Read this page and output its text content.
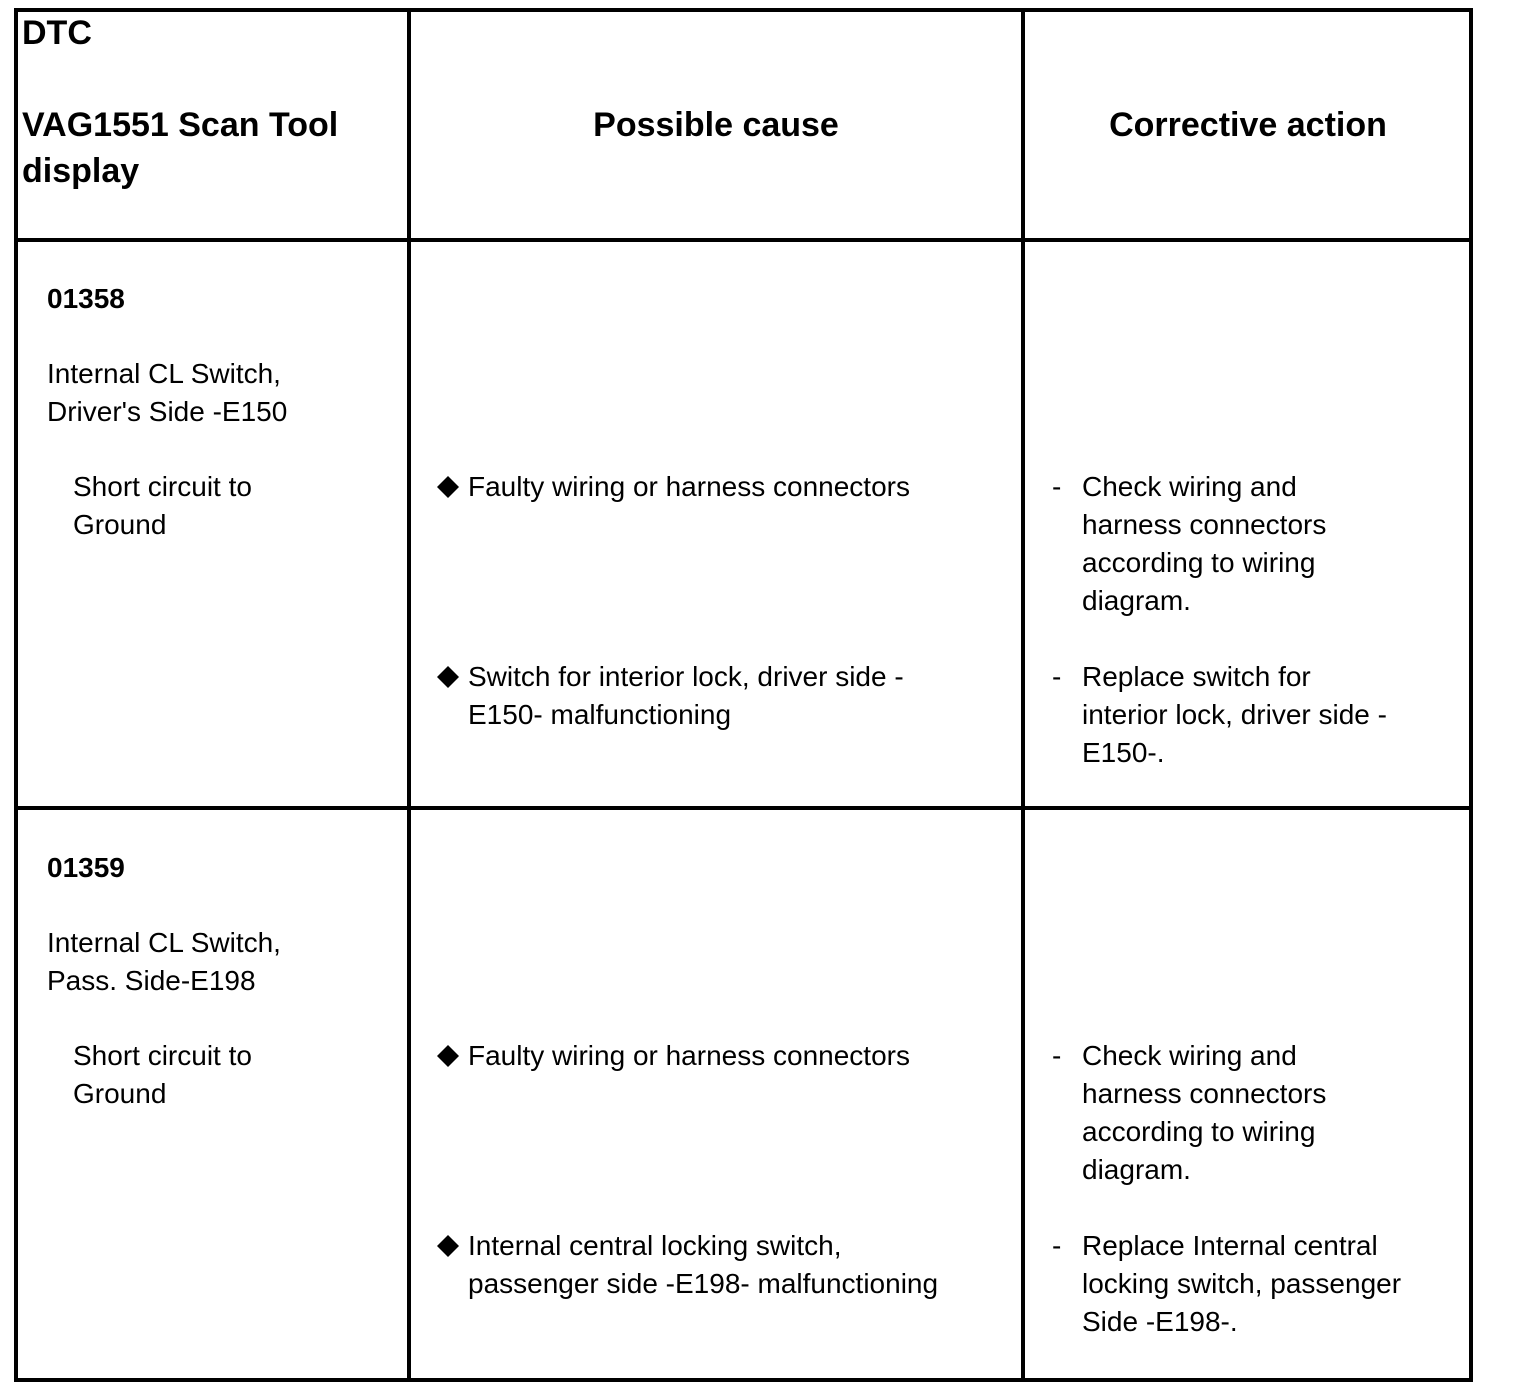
DTC
VAG1551 Scan Tool display
Possible cause	Corrective action
01358
Internal CL Switch,
Driver's Side -E150
Short circuit to
Ground
Faulty wiring or harness connectors
Switch for interior lock, driver side -
E150- malfunctioning
- Check wiring and
harness connectors
according to wiring
diagram.
- Replace switch for
interior lock, driver side -
E150-.
01359
Internal CL Switch,
Pass. Side-E198
Short circuit to
Ground
Faulty wiring or harness connectors
Internal central locking switch,
passenger side -E198- malfunctioning
- Check wiring and
harness connectors
according to wiring
diagram.
- Replace Internal central
locking switch, passenger
Side -E198-.
